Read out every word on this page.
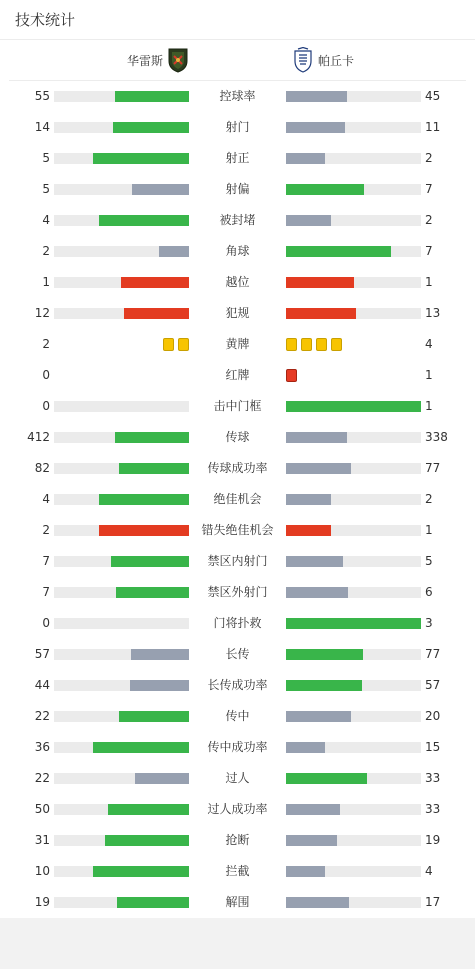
技术统计
华雷斯	帕丘卡
55	控球率	45
14	射门	11
5	射正	2
5	射偏	7
4	被封堵	2
2	角球	7
1	越位	1
12	犯规	13
2	黄牌	4
0	红牌	1
0	击中门框	1
412	传球	338
82	传球成功率	77
4	绝佳机会	2
2	错失绝佳机会	1
7	禁区内射门	5
7	禁区外射门	6
0	门将扑救	3
57	长传	77
44	长传成功率	57
22	传中	20
36	传中成功率	15
22	过人	33
50	过人成功率	33
31	抢断	19
10	拦截	4
19	解围	17
